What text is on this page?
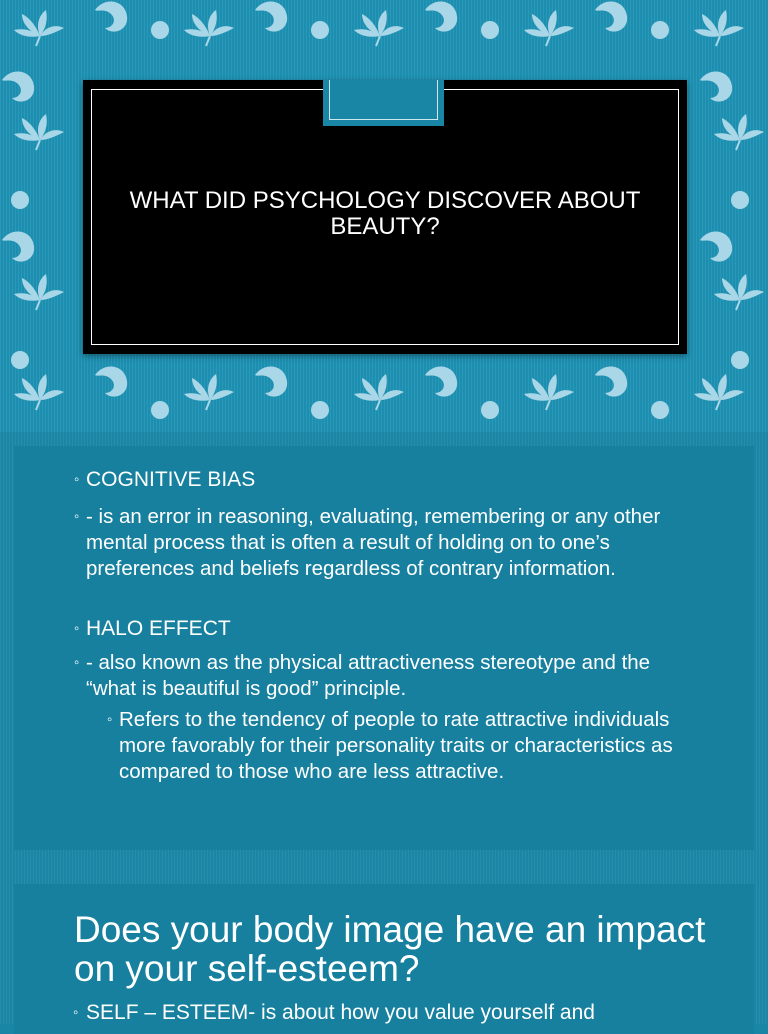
WHAT DID PSYCHOLOGY DISCOVER ABOUT BEAUTY?
◦ COGNITIVE BIAS
◦ - is an error in reasoning, evaluating, remembering or any other mental process that is often a result of holding on to one’s preferences and beliefs regardless of contrary information.
◦ HALO EFFECT
◦ - also known as the physical attractiveness stereotype and the “what is beautiful is good” principle.
◦ Refers to the tendency of people to rate attractive individuals more favorably for their personality traits or characteristics as compared to those who are less attractive.
Does your body image have an impact on your self-esteem?
◦ SELF – ESTEEM- is about how you value yourself and
